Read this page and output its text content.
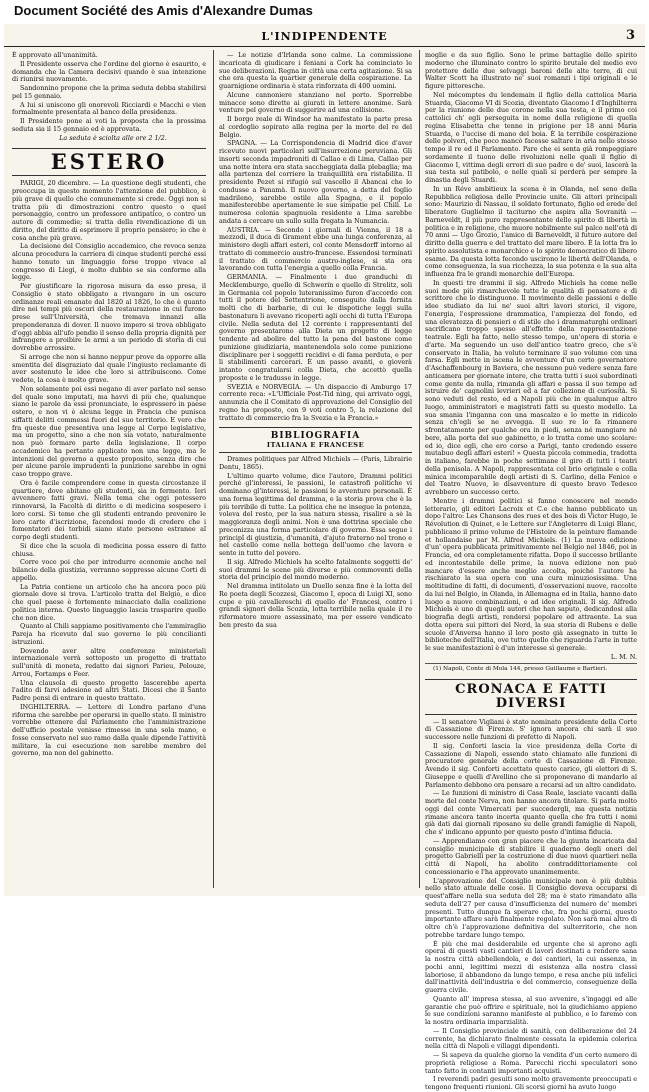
Document Société des Amis d'Alexandre Dumas
L'INDIPENDENTE	3

È approvato all'unanimità.

Il Presidente osserva che l'ordine del giorno è esaurito, e domanda che la Camera decisivi quando è sua intenzione di riunirsi nuovamente.

Sandonnino propone che la prima seduta debba stabilirsi pel 15 gennaio.

A lui si uniscono gli onorevoli Ricciardi e Macchi e vien formalmente presentata al banco della presidenza.

Il Presidente pone ai voti la proposta che la prossima seduta sia il 15 gennaio ed è approvata.

La seduta è sciolta alle ore 2 1/2.

ESTERO

PARIGI, 20 dicembre. — La questione degli studenti, che preoccupa in questo momento l'attenzione del pubblico, è più grave di quello che comunemente si crede. Oggi non si tratta più di dimostrazioni contro questo o quel personaggio, contro un professore antipatico, o contro un autore di commedie; si tratta della rivendicazione di un diritto, del diritto di esprimere il proprio pensiero; io che è cosa anche più grave.

La decisione del Consiglio accademico, che revoca senza alcuna procedura la carriera di cinque studenti perché essi hanno tenuto un linguaggio forse troppo vivace al congresso di Liegi, è molto dubbio se sia conforme alla legge.

Per giustificare la rigorosa misura da esso presa, il Consiglio è stato obbligato a rivangare in un oscuro ordinanze reali emanate dal 1820 al 1826, lo che è quanto dire nei tempi più oscuri della restaurazione in cui furono prese sull'Università, che tremava innanzi alla preponderanza di dover. Il nuovo impero si trova obbligato d'oggi abbia all'ufo pendio il senso della propria dignità per infrangere a proibire le armi a un periodo di storia di cui dovrebbe arrossire.

Si arroge che non si hanno neppur prove da opporre alla smentita del disgraziato dal quale l'ingiusto reclamante di aver sostenuto le idee che loro si attribuiscono. Come vedete, la cosa è molto grave.

Non solamente poi essi negano di aver parlato nel senso del quale sono imputati, ma havvi di più che, qualunque siano le parole da essi pronunciate, le espressero in paese estero, e non vi è alcuna legge in Francia che punisca siffatti delitti commessi fuori del suo territorio. E vero che fra queste due presentiva una legge al Corpo legislativo, ma un progetto, sino a che non sia votato, naturalmente non può formare parte della legislazione. Il corpo accademico ha pertanto applicato non una legge, ma le intenzioni del governo a questo proposito, senza dire che per alcune parole imprudenti la punizione sarebbe in ogni caso troppo grave.

Ora è facile comprendere come in questa circostanze il quartiere, dove abitano gli studenti, sia in fermento. Ieri avvennero fatti gravi. Nella tema che oggi potessero rinnovarsi, la Facoltà di diritto e di medicina sospesero i loro corsi. Si teme che gli studenti entrando prevenire le loro carte d'iscrizione, facendosi modo di credere che i fomentatori dei torbidi siano state persone estranee al corpo degli studenti.

Si dice che la scuola di medicina possa essere di fatto chiusa.

Corre voce poi che per introdurre economie anche nel bilancio della giustizia, verranno soppresse alcune Corti di appello.

La Patria contiene un articolo che ha ancora poco più giornale dove si trova. L'articolo tratta del Belgio, e dice che quel paese è fortemente minacciato dalla coalizione politica interna. Questo linguaggio lascia trasparire quello che non dice.

Quanto al Chili sappiamo positivamente che l'ammiraglio Pareja ha ricevuto dal suo governo le più concilianti istruzioni.

Dovendo aver altre conferenze ministeriali internazionale verrà sottoposto un progetto di trattato sull'unità di moneta, redatto dai signori Parieu, Pelouze, Arrou, Fortamps e Feer.

Una clausola di questo progetto lascerebbe aperta l'adito di farvi adesione ad altri Stati. Dicesi che il Santo Padre pensi di entrare in questo trattato.

INGHILTERRA. — Lettere di Londra parlano d'una riforma che sarebbe per operarsi in quello stato. Il ministro vorrebbe ottenere dal Parlamento che l'amministrazione dell'ufficio postale venisse rimesse in una sola mano, e fosse conservato nel suo ramo dalla quale dipende l'attività militare, la cui esecuzione non sarebbe membro del governo, ma non del gabinetto.

— Le notizie d'Irlanda sono calme. La commissione incaricata di giudicare i feniani a Cork ha cominciato le sue deliberazioni. Regna in città una certa agitazione. Si sa che era questa la quartier generale della cospirazione. La guarnigione ordinaria è stata rinforzata di 400 uomini.

Alcune cannoniere stanziano nel porto. Sporrebbe minacce sono dirette ai giurati in lettere anonime. Sarà venture pel governo di suggerire ad una collisione.

Il borgo reale di Windsor ha manifestato la parte presa al cordoglio sopirato alla regina per la morte del re del Belgio.

SPAGNA. — La Corrispondencia di Madrid dice d'aver ricevuto nuovi particolari sull'insurrezione peruviana. Gli insorti seconda impadroniti di Callao e di Lima. Callao per una notte intera era stata saccheggiata dalla plebaglia; ma alla partenza del corriere la tranquillità era ristabilita. Il presidente Pezet si rifugiò sul vascello il Abancai che lo condusse a Panamà. Il nuovo governo, a detta del foglio madrileno, sarebbe ostile alla Spagna, e il popolo manifesterebbe apertamente le sue simpatie pel Chilì. Le numerosa colonia spagnuola residente a Lima sarebbe andata a cercare un sullo sulla fregata la Numancia.

AUSTRIA. — Secondo i giornali di Vienna, il 18 a mezzodì, il duca di Gramont ebbe una lunga conferenza, al ministero degli affari esteri, col conte Mensdorff intorno al trattato di commercio austro-francese. Essendosi terminati il trattato di commercio austro-inglese, si sta ora lavorando con tutta l'energia a quello colla Francia.

GERMANIA. — Finalmente i due granduchi di Mecklemburgo, quello di Schwerin e quello di Strelitz, soli in Germania col popolo luteranissimo furon d'accordo con tutti il potere del Settentrione, conseguito dalla fornita molti che di barbarie, di cui le dispotiche leggi sulla bastonatura li avevano ricoperti agli occhi di tutta l'Europa civile. Nella seduta del 12 corrente i rappresentanti del governo presentarono alla Dieta un progetto di legge tendente ad abolire del tutto la pena del bastone come punizione giudiziaria, mantenendola solo come punizione disciplinare per i soggetti recidivi e di fama perduta, e per li stabilimenti carcerari. È un passo avanti, e gioverà intanto congratularsi colla Dieta, che accettò quella proposte e le tradusse in legge.

SVEZIA e NORVEGIA. — Un dispaccio di Amburgo 17 corrente reca: «L'Ufficiale Post-Tid ning, qui arrivato oggi, annunzia che il Comitato di approvazione del Consiglio del regno ha proposto, con 9 voti contro 5, la relazione del trattato di commercio fra la Svezia e la Francia.»

BIBLIOGRAFIA
ITALIANA E FRANCESE

Drames politiques par Alfred Michiels — (Paris, Librairie Dentu, 1865).

L'ultimo quarto volume, dice l'autore, Drammi politici perché gl'interessi, le passioni, le catastrofi politiche vi dominano gl'interessi, le passioni le avventure personali. È una forma legittima del dramma, e la storia prova che è la più terribile di tutte. La politica che ne insegue la potenza, voleva del resto, per la sua natura stessa, risalire a sè la maggioranza degli animi. Non è una dottrina speciale che preconizza una forma particolare di governo. Essa segue i principî di giustizia, d'umanità, d'ajuto fraterno nel trono e nel castello come nella bottega dell'uomo che lavora e sente in tutto del povero.

Il sig. Alfredo Michiels ha scelto fatalmente soggetti de' suoi drammi le scene più diverse e più commoventi della storia del principio del mondo moderno.

Nel dramma intitolato un Duello senza fine è la lotta del Re poeta degli Scozzesi, Giacomo I, epoca di Luigi XI, sono cupe e più cavallereschi di quello de' Francesi, contro i grandi signori della Scozia, lotta terribile nella quale il re riformatore muore assassinato, ma per essere vendicato ben presto da sua

moglie e da suo figlio. Sono le prime battaglie dello spirito moderno che illuminato contro lo spirito brutale del medio evo protettore delle due selvaggi baroni delle alte terre, di cui Walter Scott ha illustrato ne' suoi romanzi i tipi originali e le figure pittoresche.

Nel mécomptes du lendemain il figlio della cattolica Maria Stuarda, Giacomo VI di Scozia, diventato Giacomo I d'Inghilterra per la riunione delle due corone nella sua testa, e il primo coi cattolici ch' egli perseguita in nome della religione di quella regina Elisabetta che tenne in prigione per 18 anni Maria Stuarda, e l'uccise di mano del boia. È la terribile cospirazione delle polveri, che poco mancò facesse saltare in aria nello stesso tempo il re ed il Parlamento. Pare che ei senta già rompeggiare sordamente il tuono delle rivoluzioni nelle quali il figlio di Giacomo I, vittima degli errori di suo padre e de' suoi, lascerà la sua testa sul patibolo, e nelle quali si perderà per sempre la dinastia degli Stuardi.

In un Réve ambitieux la scena è in Olanda, nel seno della Repubblica religiosa delle Provincie unite. Gli attori principali sono: Maurizio di Nassau, il soldato fortunato, figlio ed erede del liberatore Guglielmo il taciturno che aspira alla Sovranità — Barneveldt, il più puro rappresentante dello spirito di libertà in politica e in religione, che muore nobilmente sul palco nell'età di 70 anni — Ugo Grozio, l'amico di Barneveldt, il futuro autore del diritto della guerra e del trattato del mare libero. È la lotta fra lo spirito assolutista e monarchico e lo spirito democratico di libero esame. Da questa lotta fecondo uscirono le libertà dell'Olanda, e come conseguenza, la sua ricchezza, la sua potenza e la sua alta influenza fra le grandi monarchie dell'Europa.

In questi tre drammi il sig. Alfredo Michiels ha come nelle suoi mode più rimarchevole tutte le qualità di pensatore e di scrittore che lo distinguono. Il movimento delle passioni e delle idee studiato da lui ne' suoi altri lavori storici, il vigore, l'energia, l'espressione drammatica, l'ampiezza del fondo, ed una elevatezza di pensieri e di stile che i drammaturghi ordinari sacrificano troppo spesso all'effetto della rappresentazione teatrale. Egli ha fatto, nello stesso tempo, un'opera di storia e d'arte. Ma seguendo un uso dell'antico teatro greco, che s'è conservato in Italia, ha voluto terminare il suo volume con una farsa. Egli mette in iscena le avventure d'un certo governatore d'Aschaffenbourg in Baviera, che nessuno può vedere senza fare anticamera per giornate intere, che tratta tutti i suoi subordinati come gente da nulla, rimanda gli affari e passa il suo tempo ad istruire de' cagnolini levrieri ed a far collezione di curiosità. Si sono veduti del resto, ed a Napoli più che in qualunque altro luogo, amministratori e magistrati fatti su questo modello. La sua smania l'inganna con una mascalzo e lo mette in ridicolo senza ch'egli se ne avvegga. Il suo re lo fa rimanere sfrontatamente per qualche ora in piedi, senza né mangiare né bere, alla porta del suo gabinetto, e lo tratta come uno scolare: ed io, dice egli, che ero corso a Parigi, tanto credendo essere mutabuo degli affari esteri! » Questa piccola commedia, tradotta in italiano, farebbe in poche settimane il giro di tutti i teatri della penisola. A Napoli, rappresentata col brio originale e colla minica incomparabile degli artisti di S. Carlino, della Fenice e del Teatro Nuovo, le disavventure di questo bravo Tedesco avrebbero un successo certo.

Mentre i drammi politici si fanno conoscere nel mondo letterario, gli editori Lacroix et C.e che hanno pubblicato un dopo l'altro: Les Chansons des rues et des bois di Victor Hugo, le Révolution di Quinet, e le Lettere sur l'Angleterre di Luigi Blanc, pubblicano il primo volume de l'Histoire de la peinture flamande et hollandaise par M. Alfred Michiels. (1) La nuova edizione d'un' opera pubblicata primitivamente nel Belgio nel 1846, poi in Francia, ed ora completamente rifatta. Dopo il successo brillante ed incontestabile delle prime, la nuova edizione non può mancare d'essere anche meglio accolta, poiché l'autore ha rischiarato la sua opera con una cura minuziosissima. Una moltitudine di fatti, di documenti, d'osservazioni nuove, raccolte da lui nel Belgio, in Olanda, in Allemagna ed in Italia, hanno dato luogo a nuove combinazioni, e ad idee originali. Il sig. Alfredo Michiels è uno di quegli autori che han saputo, dedicandosi alla biografia degli artisti, rendersi popolare ed attraente. La sua dotta opera sui pittori del Nord, la sua storia di Rubens e delle scuole d'Anversa hanno il loro posto già assegnato in tutte le biblioteche dell'Italia, ove tutto quello che riguarda l'arte in tutte le sue manifestazioni è d'un interesse sì generale.

L. M. N.

(1) Napoli, Conte di Mola 144, presso Guillaume e Bartieri.

CRONACA E FATTI DIVERSI

— Il senatore Vigliani è stato nominato presidente della Corte di Cassazione di Firenze. S' ignora ancora chi sarà il suo successore nelle funzioni di prefetto di Napoli.

Il sig. Conforti lascia la vice presidenza della Corte di Cassazione di Napoli, essendo stato chiamato alle funzioni di procuratore generale della corte di Cassazione di Firenze. Avendo il sig. Conforti accettato questo carico, gli elettori di S. Giuseppe e quelli d'Avellino che si proponevano di mandarlo al Parlamento debbono ora pensare a recarsi ad un altro candidato.

— Le funzioni di ministro di Casa Reale, lasciate vacanti dalla morte del conte Nerva, non hanno ancora titolare. Si parla molto oggi del conte Vimercati per succedergli, ma questa notizia rimane ancora tanto incerta quanto quella che fra tutti i nomi già dati dai giornali riposano su delle grandi famiglie di Napoli, che s' indicano appunto per questo posto d'intima fiducia.

— Apprendiamo con gran piacere che la giunta incaricata dal consiglio municipale di stabilire il quaderno degli oneri del progetto Gabrielli per la costruzione di due nuovi quartieri nella città di Napoli, ha abolito contraddittoriamente col concessionario e l'ha approvato unanimemente.

L'approvazione del Consiglio municipale non è più dubbia nello stato attuale delle cose. Il Consiglio doveva occuparsi di quest'affare nella sua seduta del 28; ma è stato rimandato alla seduta dell'27 per causa d'insufficienza del numero de' membri presenti. Tutto dunque fa sperare che, fra pochi giorni, questo importante affare sarà finalmente regolato. Non sarà mai altro di oltre ch'è l'approvazione definitiva del sulterritorio, che non potrebbe tardare lungo tempo.

È più che mai desiderabile ed urgente che si aprono agli operai di questi vasti cantieri di lavori destinati a rendere sana la nostra città abbellendola, e dei cantieri, la cui assenza, in pochi anni, legittimi mezzi di esistenza alla nostra classi laboriose, il abbandono da lungo tempo, e resa anche più infelici dall'inattività dell'industria e del commercio, conseguenze della guerra civile.

Quanto all' impresa stessa, al suo avvenire, s'ingaggi ed alle garantie che può offrire e spirituale, noi la giudichiamo appieno le sue condizioni saranno manifeste al pubblico, e lo faremo con la nostra ordinaria imparzialità.

— Il Consiglio provinciale di sanità, con deliberazione del 24 corrente, ha dichiarato finalmente cessata la epidemia colerica nella città di Napoli e villaggi dipendenti.

— Si sapeva da qualche giorno la vendita d'un certo numero di proprietà religiose a Roma. Parecchi ricchi speculatori sono tanto fatto in contanti importanti acquisti.

I reverendi padri gesuiti sono molto gravemente preoccupati e tengono frequenti riunioni. Gli scorsi giorni ha avuto luogo
